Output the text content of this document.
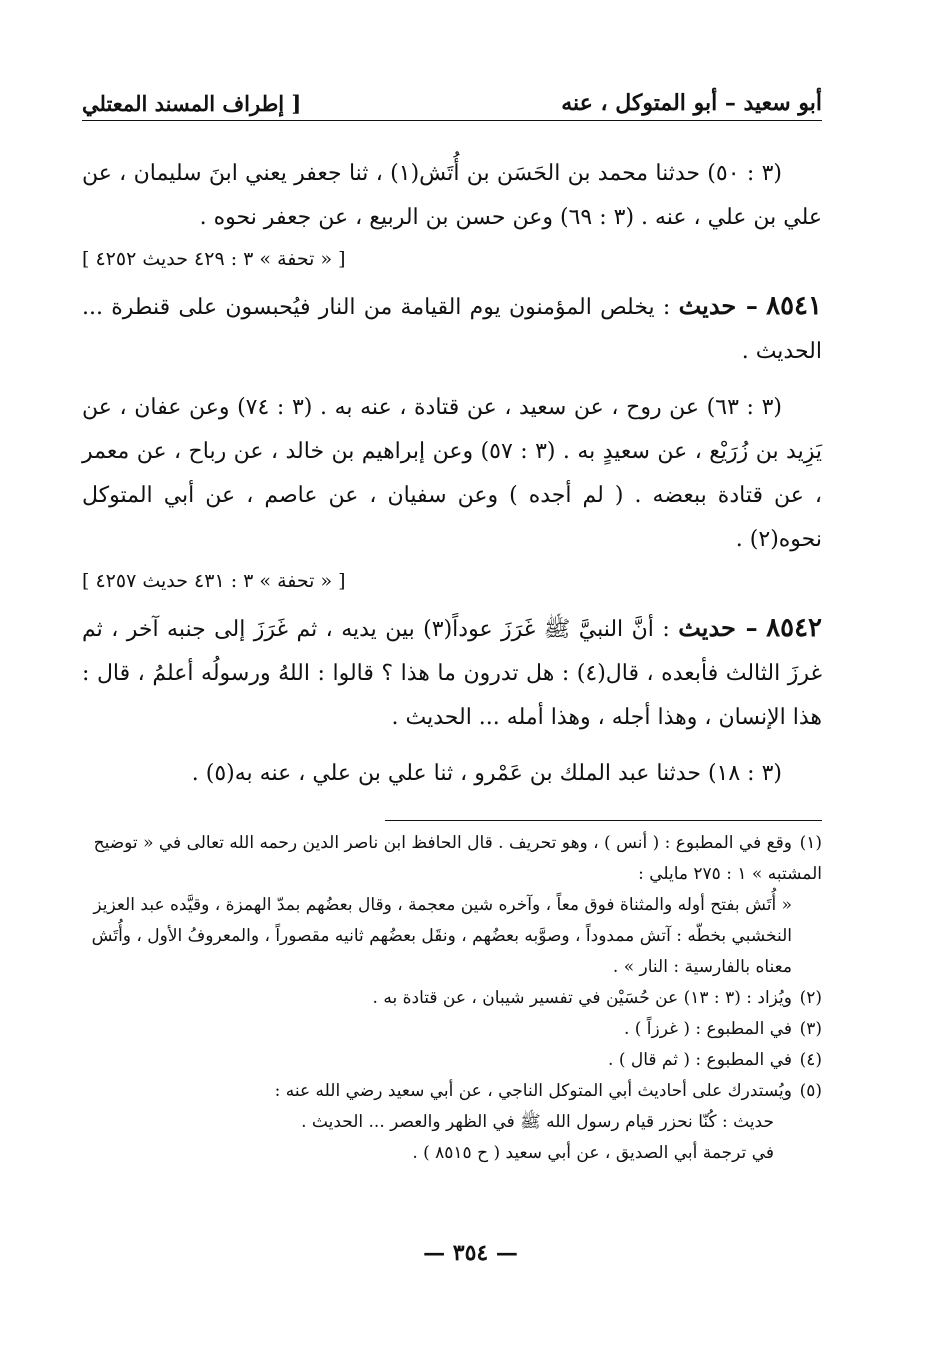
أبو سعيد – أبو المتوكل ، عنه
[ إطراف المسند المعتلي

(٣ : ٥٠) حدثنا محمد بن الحَسَن بن أُتَش(١) ، ثنا جعفر يعني ابنَ سليمان ، عن علي بن علي ، عنه . (٣ : ٦٩) وعن حسن بن الربيع ، عن جعفر نحوه .

[ « تحفة » ٣ : ٤٢٩ حديث ٤٢٥٢ ]

٨٥٤١ – حديث : يخلص المؤمنون يوم القيامة من النار فيُحبسون على قنطرة ... الحديث .

(٣ : ٦٣) عن روح ، عن سعيد ، عن قتادة ، عنه به . (٣ : ٧٤) وعن عفان ، عن يَزِيد بن زُرَيْع ، عن سعيدٍ به . (٣ : ٥٧) وعن إبراهيم بن خالد ، عن رباح ، عن معمر ، عن قتادة ببعضه . ( لم أجده ) وعن سفيان ، عن عاصم ، عن أبي المتوكل نحوه(٢) .

[ « تحفة » ٣ : ٤٣١ حديث ٤٢٥٧ ]

٨٥٤٢ – حديث : أنَّ النبيَّ ﷺ غَرَزَ عوداً(٣) بين يديه ، ثم غَرَزَ إلى جنبه آخر ، ثم غرزَ الثالث فأبعده ، قال(٤) : هل تدرون ما هذا ؟ قالوا : اللهُ ورسولُه أعلمُ ، قال : هذا الإنسان ، وهذا أجله ، وهذا أمله ... الحديث .

(٣ : ١٨) حدثنا عبد الملك بن عَمْرو ، ثنا علي بن علي ، عنه به(٥) .

(١)وقع في المطبوع : ( أنس ) ، وهو تحريف . قال الحافظ ابن ناصر الدين رحمه الله تعالى في « توضيح المشتبه » ١ : ٢٧٥ مايلي :

« أُتَش بفتح أوله والمثناة فوق معاً ، وآخره شين معجمة ، وقال بعضُهم بمدّ الهمزة ، وقيَّده عبد العزيز النخشبي بخطّه : آتش ممدوداً ، وصوَّبه بعضُهم ، ونقَل بعضُهم ثانيه مقصوراً ، والمعروفُ الأول ، وأُتَش معناه بالفارسية : النار » .

(٢)ويُزاد : (٣ : ١٣) عن حُسَيْن في تفسير شيبان ، عن قتادة به .

(٣)في المطبوع : ( غرزاً ) .

(٤)في المطبوع : ( ثم قال ) .

(٥)ويُستدرك على أحاديث أبي المتوكل الناجي ، عن أبي سعيد رضي الله عنه :

حديث : كُنّا نحزر قيام رسول الله ﷺ في الظهر والعصر ... الحديث .

في ترجمة أبي الصديق ، عن أبي سعيد ( ح ٨٥١٥ ) .

— ٣٥٤ —
